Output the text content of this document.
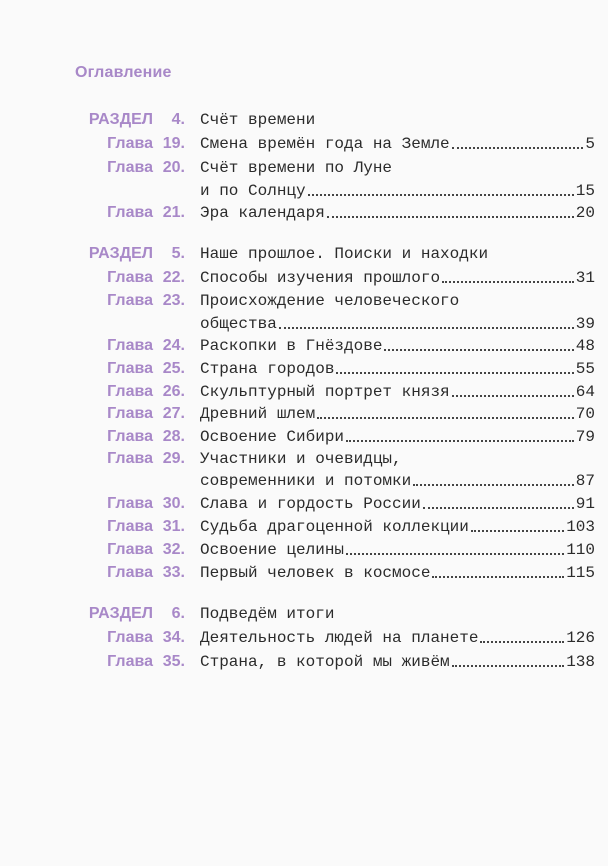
Оглавление
РАЗДЕЛ 4. Счёт времени
Глава 19. Смена времён года на Земле	5
Глава 20. Счёт времени по Луне
и по Солнцу	15
Глава 21. Эра календаря	20
РАЗДЕЛ 5. Наше прошлое. Поиски и находки
Глава 22. Способы изучения прошлого	31
Глава 23. Происхождение человеческого
общества	39
Глава 24. Раскопки в Гнёздове	48
Глава 25. Страна городов	55
Глава 26. Скульптурный портрет князя	64
Глава 27. Древний шлем	70
Глава 28. Освоение Сибири	79
Глава 29. Участники и очевидцы,
современники и потомки	87
Глава 30. Слава и гордость России	91
Глава 31. Судьба драгоценной коллекции	103
Глава 32. Освоение целины	110
Глава 33. Первый человек в космосе	115
РАЗДЕЛ 6. Подведём итоги
Глава 34. Деятельность людей на планете	126
Глава 35. Страна, в которой мы живём	138
